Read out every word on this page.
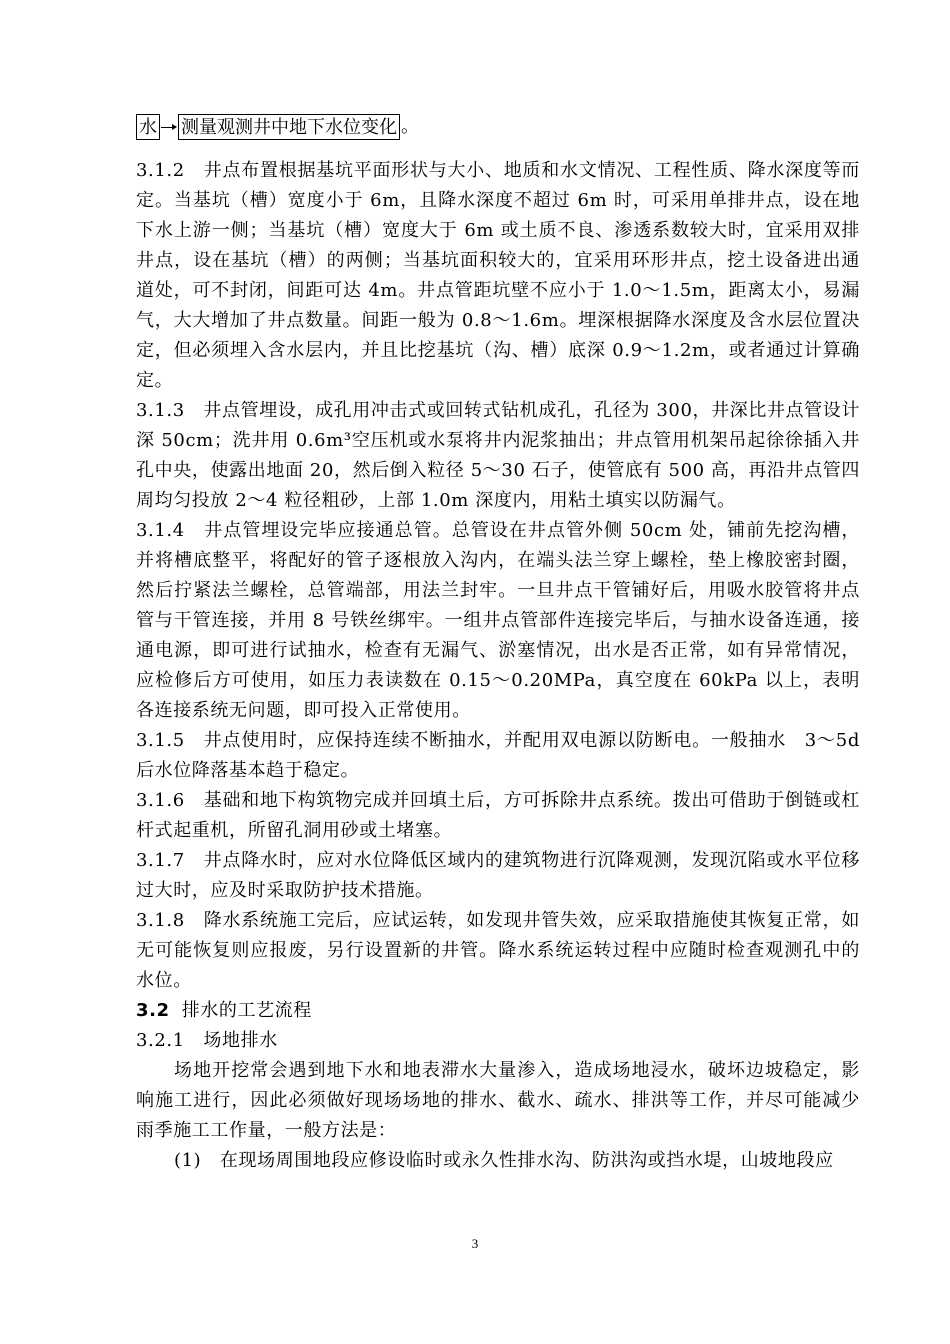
水 测量观测井中地下水位变化 。

3.1.2　井点布置根据基坑平面形状与大小、地质和水文情况、工程性质、降水深度等而定。当基坑（槽）宽度小于 6m，且降水深度不超过 6m 时，可采用单排井点，设在地下水上游一侧；当基坑（槽）宽度大于 6m 或土质不良、渗透系数较大时，宜采用双排井点，设在基坑（槽）的两侧；当基坑面积较大的，宜采用环形井点，挖土设备进出通道处，可不封闭，间距可达 4m。井点管距坑壁不应小于 1.0～1.5m，距离太小，易漏气，大大增加了井点数量。间距一般为 0.8～1.6m。埋深根据降水深度及含水层位置决定，但必须埋入含水层内，并且比挖基坑（沟、槽）底深 0.9～1.2m，或者通过计算确定。

3.1.3　井点管埋设，成孔用冲击式或回转式钻机成孔，孔径为 300，井深比井点管设计深 50cm；洗井用 0.6m³空压机或水泵将井内泥浆抽出；井点管用机架吊起徐徐插入井孔中央，使露出地面 20，然后倒入粒径 5～30 石子，使管底有 500 高，再沿井点管四周均匀投放 2～4 粒径粗砂，上部 1.0m 深度内，用粘土填实以防漏气。

3.1.4　井点管埋设完毕应接通总管。总管设在井点管外侧 50cm 处，铺前先挖沟槽，并将槽底整平，将配好的管子逐根放入沟内，在端头法兰穿上螺栓，垫上橡胶密封圈，然后拧紧法兰螺栓，总管端部，用法兰封牢。一旦井点干管铺好后，用吸水胶管将井点管与干管连接，并用 8 号铁丝绑牢。一组井点管部件连接完毕后，与抽水设备连通，接通电源，即可进行试抽水，检查有无漏气、淤塞情况，出水是否正常，如有异常情况，应检修后方可使用，如压力表读数在 0.15～0.20MPa，真空度在 60kPa 以上，表明各连接系统无问题，即可投入正常使用。

3.1.5　井点使用时，应保持连续不断抽水，并配用双电源以防断电。一般抽水　3～5d 后水位降落基本趋于稳定。

3.1.6　基础和地下构筑物完成并回填土后，方可拆除井点系统。拨出可借助于倒链或杠杆式起重机，所留孔洞用砂或土堵塞。

3.1.7　井点降水时，应对水位降低区域内的建筑物进行沉降观测，发现沉陷或水平位移过大时，应及时采取防护技术措施。

3.1.8　降水系统施工完后，应试运转，如发现井管失效，应采取措施使其恢复正常，如无可能恢复则应报废，另行设置新的井管。降水系统运转过程中应随时检查观测孔中的水位。

3.2 排水的工艺流程

3.2.1　场地排水

场地开挖常会遇到地下水和地表滞水大量渗入，造成场地浸水，破坏边坡稳定，影响施工进行，因此必须做好现场场地的排水、截水、疏水、排洪等工作，并尽可能减少雨季施工工作量，一般方法是：

(1)　在现场周围地段应修设临时或永久性排水沟、防洪沟或挡水堤，山坡地段应

3
